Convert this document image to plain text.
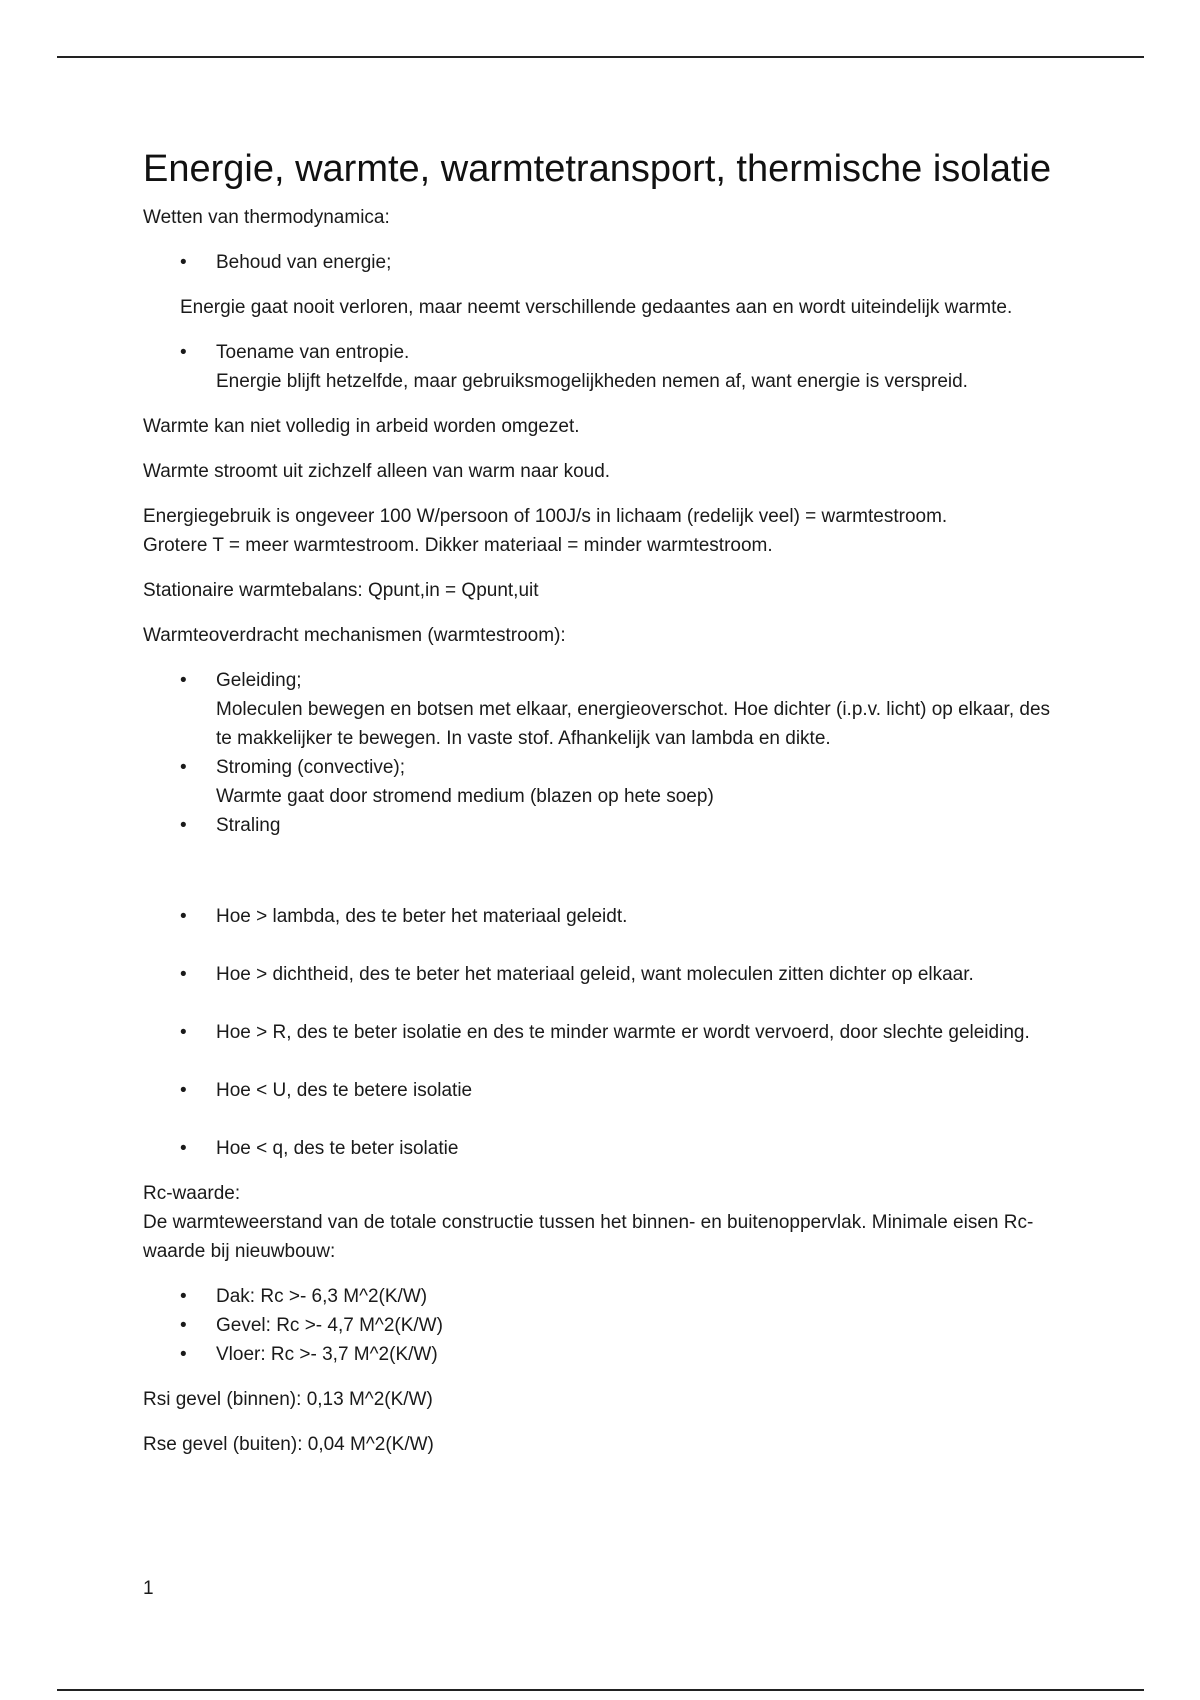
Energie, warmte, warmtetransport, thermische isolatie

Wetten van thermodynamica:

• Behoud van energie;

Energie gaat nooit verloren, maar neemt verschillende gedaantes aan en wordt uiteindelijk warmte.

• Toename van entropie.
Energie blijft hetzelfde, maar gebruiksmogelijkheden nemen af, want energie is verspreid.

Warmte kan niet volledig in arbeid worden omgezet.

Warmte stroomt uit zichzelf alleen van warm naar koud.

Energiegebruik is ongeveer 100 W/persoon of 100J/s in lichaam (redelijk veel) = warmtestroom.
Grotere T = meer warmtestroom. Dikker materiaal = minder warmtestroom.

Stationaire warmtebalans: Qpunt,in = Qpunt,uit

Warmteoverdracht mechanismen (warmtestroom):

• Geleiding;
Moleculen bewegen en botsen met elkaar, energieoverschot. Hoe dichter (i.p.v. licht) op elkaar, des te makkelijker te bewegen. In vaste stof. Afhankelijk van lambda en dikte.
• Stroming (convective);
Warmte gaat door stromend medium (blazen op hete soep)
• Straling
• Hoe > lambda, des te beter het materiaal geleidt.
• Hoe > dichtheid, des te beter het materiaal geleid, want moleculen zitten dichter op elkaar.
• Hoe > R, des te beter isolatie en des te minder warmte er wordt vervoerd, door slechte geleiding.
• Hoe < U, des te betere isolatie
• Hoe < q, des te beter isolatie

Rc-waarde:
De warmteweerstand van de totale constructie tussen het binnen- en buitenoppervlak. Minimale eisen Rc-waarde bij nieuwbouw:

• Dak: Rc >- 6,3 M^2(K/W)
• Gevel: Rc >- 4,7 M^2(K/W)
• Vloer: Rc >- 3,7 M^2(K/W)

Rsi gevel (binnen): 0,13 M^2(K/W)

Rse gevel (buiten): 0,04 M^2(K/W)

1
